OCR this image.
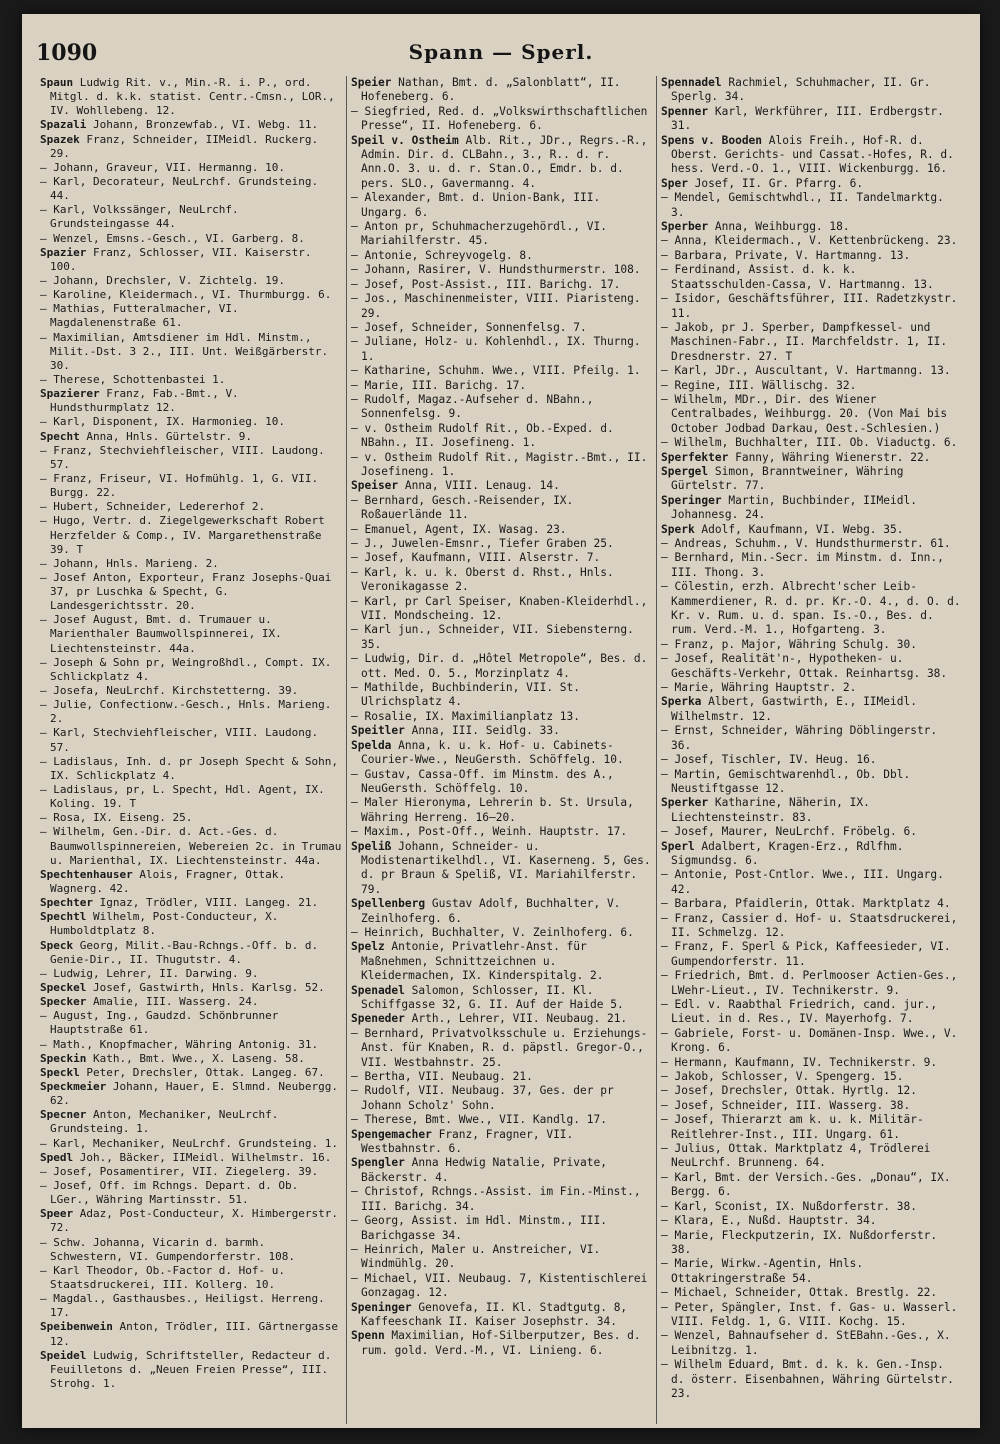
1090	Spann — Sperl.

Spaun Ludwig Rit. v., Min.-R. i. P., ord. Mitgl. d. k.k. statist. Centr.-Cmsn., LOR., IV. Wohllebeng. 12.

Spazali Johann, Bronzewfab., VI. Webg. 11.

Spazek Franz, Schneider, IIMeidl. Ruckerg. 29.

— Johann, Graveur, VII. Hermanng. 10.

— Karl, Decorateur, NeuLrchf. Grundsteing. 44.

— Karl, Volkssänger, NeuLrchf. Grundsteingasse 44.

— Wenzel, Emsns.-Gesch., VI. Garberg. 8.

Spazier Franz, Schlosser, VII. Kaiserstr. 100.

— Johann, Drechsler, V. Zichtelg. 19.

— Karoline, Kleidermach., VI. Thurmburgg. 6.

— Mathias, Futteralmacher, VI. Magdalenenstraße 61.

— Maximilian, Amtsdiener im Hdl. Minstm., Milit.-Dst. 3 2., III. Unt. Weißgärberstr. 30.

— Therese, Schottenbastei 1.

Spazierer Franz, Fab.-Bmt., V. Hundsthurmplatz 12.

— Karl, Disponent, IX. Harmonieg. 10.

Specht Anna, Hnls. Gürtelstr. 9.

— Franz, Stechviehfleischer, VIII. Laudong. 57.

— Franz, Friseur, VI. Hofmühlg. 1, G. VII. Burgg. 22.

— Hubert, Schneider, Ledererhof 2.

— Hugo, Vertr. d. Ziegelgewerkschaft Robert Herzfelder & Comp., IV. Margarethenstraße 39. T

— Johann, Hnls. Marieng. 2.

— Josef Anton, Exporteur, Franz Josephs-Quai 37, pr Luschka & Specht, G. Landesgerichtsstr. 20.

— Josef August, Bmt. d. Trumauer u. Marienthaler Baumwollspinnerei, IX. Liechtensteinstr. 44a.

— Joseph & Sohn pr, Weingroßhdl., Compt. IX. Schlickplatz 4.

— Josefa, NeuLrchf. Kirchstetterng. 39.

— Julie, Confectionw.-Gesch., Hnls. Marieng. 2.

— Karl, Stechviehfleischer, VIII. Laudong. 57.

— Ladislaus, Inh. d. pr Joseph Specht & Sohn, IX. Schlickplatz 4.

— Ladislaus, pr, L. Specht, Hdl. Agent, IX. Koling. 19. T

— Rosa, IX. Eiseng. 25.

— Wilhelm, Gen.-Dir. d. Act.-Ges. d. Baumwollspinnereien, Webereien 2c. in Trumau u. Marienthal, IX. Liechtensteinstr. 44a.

Spechtenhauser Alois, Fragner, Ottak. Wagnerg. 42.

Spechter Ignaz, Trödler, VIII. Langeg. 21.

Spechtl Wilhelm, Post-Conducteur, X. Humboldtplatz 8.

Speck Georg, Milit.-Bau-Rchngs.-Off. b. d. Genie-Dir., II. Thugutstr. 4.

— Ludwig, Lehrer, II. Darwing. 9.

Speckel Josef, Gastwirth, Hnls. Karlsg. 52.

Specker Amalie, III. Wasserg. 24.

— August, Ing., Gaudzd. Schönbrunner Hauptstraße 61.

— Math., Knopfmacher, Währing Antonig. 31.

Speckin Kath., Bmt. Wwe., X. Laseng. 58.

Speckl Peter, Drechsler, Ottak. Langeg. 67.

Speckmeier Johann, Hauer, E. Slmnd. Neubergg. 62.

Specner Anton, Mechaniker, NeuLrchf. Grundsteing. 1.

— Karl, Mechaniker, NeuLrchf. Grundsteing. 1.

Spedl Joh., Bäcker, IIMeidl. Wilhelmstr. 16.

— Josef, Posamentirer, VII. Ziegelerg. 39.

— Josef, Off. im Rchngs. Depart. d. Ob. LGer., Währing Martinsstr. 51.

Speer Adaz, Post-Conducteur, X. Himbergerstr. 72.

— Schw. Johanna, Vicarin d. barmh. Schwestern, VI. Gumpendorferstr. 108.

— Karl Theodor, Ob.-Factor d. Hof- u. Staatsdruckerei, III. Kollerg. 10.

— Magdal., Gasthausbes., Heiligst. Herreng. 17.

Speibenwein Anton, Trödler, III. Gärtnergasse 12.

Speidel Ludwig, Schriftsteller, Redacteur d. Feuilletons d. „Neuen Freien Presse“, III. Strohg. 1.

Speier Nathan, Bmt. d. „Salonblatt“, II. Hofeneberg. 6.

— Siegfried, Red. d. „Volkswirthschaftlichen Presse“, II. Hofeneberg. 6.

Speil v. Ostheim Alb. Rit., JDr., Regrs.-R., Admin. Dir. d. CLBahn., 3., R.. d. r. Ann.O. 3. u. d. r. Stan.O., Emdr. b. d. pers. SLO., Gavermanng. 4.

— Alexander, Bmt. d. Union-Bank, III. Ungarg. 6.

— Anton pr, Schuhmacherzugehördl., VI. Mariahilferstr. 45.

— Antonie, Schreyvogelg. 8.

— Johann, Rasirer, V. Hundsthurmerstr. 108.

— Josef, Post-Assist., III. Barichg. 17.

— Jos., Maschinenmeister, VIII. Piaristeng. 29.

— Josef, Schneider, Sonnenfelsg. 7.

— Juliane, Holz- u. Kohlenhdl., IX. Thurng. 1.

— Katharine, Schuhm. Wwe., VIII. Pfeilg. 1.

— Marie, III. Barichg. 17.

— Rudolf, Magaz.-Aufseher d. NBahn., Sonnenfelsg. 9.

— v. Ostheim Rudolf Rit., Ob.-Exped. d. NBahn., II. Josefineng. 1.

— v. Ostheim Rudolf Rit., Magistr.-Bmt., II. Josefineng. 1.

Speiser Anna, VIII. Lenaug. 14.

— Bernhard, Gesch.-Reisender, IX. Roßauerlände 11.

— Emanuel, Agent, IX. Wasag. 23.

— J., Juwelen-Emsnr., Tiefer Graben 25.

— Josef, Kaufmann, VIII. Alserstr. 7.

— Karl, k. u. k. Oberst d. Rhst., Hnls. Veronikagasse 2.

— Karl, pr Carl Speiser, Knaben-Kleiderhdl., VII. Mondscheing. 12.

— Karl jun., Schneider, VII. Siebensterng. 35.

— Ludwig, Dir. d. „Hôtel Metropole“, Bes. d. ott. Med. O. 5., Morzinplatz 4.

— Mathilde, Buchbinderin, VII. St. Ulrichsplatz 4.

— Rosalie, IX. Maximilianplatz 13.

Speitler Anna, III. Seidlg. 33.

Spelda Anna, k. u. k. Hof- u. Cabinets-Courier-Wwe., NeuGersth. Schöffelg. 10.

— Gustav, Cassa-Off. im Minstm. des A., NeuGersth. Schöffelg. 10.

— Maler Hieronyma, Lehrerin b. St. Ursula, Währing Herreng. 16–20.

— Maxim., Post-Off., Weinh. Hauptstr. 17.

Speliß Johann, Schneider- u. Modistenartikelhdl., VI. Kaserneng. 5, Ges. d. pr Braun & Speliß, VI. Mariahilferstr. 79.

Spellenberg Gustav Adolf, Buchhalter, V. Zeinlhoferg. 6.

— Heinrich, Buchhalter, V. Zeinlhoferg. 6.

Spelz Antonie, Privatlehr-Anst. für Maßnehmen, Schnittzeichnen u. Kleidermachen, IX. Kinderspitalg. 2.

Spenadel Salomon, Schlosser, II. Kl. Schiffgasse 32, G. II. Auf der Haide 5.

Speneder Arth., Lehrer, VII. Neubaug. 21.

— Bernhard, Privatvolksschule u. Erziehungs-Anst. für Knaben, R. d. päpstl. Gregor-O., VII. Westbahnstr. 25.

— Bertha, VII. Neubaug. 21.

— Rudolf, VII. Neubaug. 37, Ges. der pr Johann Scholz' Sohn.

— Therese, Bmt. Wwe., VII. Kandlg. 17.

Spengemacher Franz, Fragner, VII. Westbahnstr. 6.

Spengler Anna Hedwig Natalie, Private, Bäckerstr. 4.

— Christof, Rchngs.-Assist. im Fin.-Minst., III. Barichg. 34.

— Georg, Assist. im Hdl. Minstm., III. Barichgasse 34.

— Heinrich, Maler u. Anstreicher, VI. Windmühlg. 20.

— Michael, VII. Neubaug. 7, Kistentischlerei Gonzagag. 12.

Speninger Genovefa, II. Kl. Stadtgutg. 8, Kaffeeschank II. Kaiser Josephstr. 34.

Spenn Maximilian, Hof-Silberputzer, Bes. d. rum. gold. Verd.-M., VI. Linieng. 6.

Spennadel Rachmiel, Schuhmacher, II. Gr. Sperlg. 34.

Spenner Karl, Werkführer, III. Erdbergstr. 31.

Spens v. Booden Alois Freih., Hof-R. d. Oberst. Gerichts- und Cassat.-Hofes, R. d. hess. Verd.-O. 1., VIII. Wickenburgg. 16.

Sper Josef, II. Gr. Pfarrg. 6.

— Mendel, Gemischtwhdl., II. Tandelmarktg. 3.

Sperber Anna, Weihburgg. 18.

— Anna, Kleidermach., V. Kettenbrückeng. 23.

— Barbara, Private, V. Hartmanng. 13.

— Ferdinand, Assist. d. k. k. Staatsschulden-Cassa, V. Hartmanng. 13.

— Isidor, Geschäftsführer, III. Radetzkystr. 11.

— Jakob, pr J. Sperber, Dampfkessel- und Maschinen-Fabr., II. Marchfeldstr. 1, II. Dresdnerstr. 27. T

— Karl, JDr., Auscultant, V. Hartmanng. 13.

— Regine, III. Wällischg. 32.

— Wilhelm, MDr., Dir. des Wiener Centralbades, Weihburgg. 20. (Von Mai bis October Jodbad Darkau, Oest.-Schlesien.)

— Wilhelm, Buchhalter, III. Ob. Viaductg. 6.

Sperfekter Fanny, Währing Wienerstr. 22.

Spergel Simon, Branntweiner, Währing Gürtelstr. 77.

Speringer Martin, Buchbinder, IIMeidl. Johannesg. 24.

Sperk Adolf, Kaufmann, VI. Webg. 35.

— Andreas, Schuhm., V. Hundsthurmerstr. 61.

— Bernhard, Min.-Secr. im Minstm. d. Inn., III. Thong. 3.

— Cölestin, erzh. Albrecht'scher Leib-Kammerdiener, R. d. pr. Kr.-O. 4., d. O. d. Kr. v. Rum. u. d. span. Is.-O., Bes. d. rum. Verd.-M. 1., Hofgarteng. 3.

— Franz, p. Major, Währing Schulg. 30.

— Josef, Realität'n-, Hypotheken- u. Geschäfts-Verkehr, Ottak. Reinhartsg. 38.

— Marie, Währing Hauptstr. 2.

Sperka Albert, Gastwirth, E., IIMeidl. Wilhelmstr. 12.

— Ernst, Schneider, Währing Döblingerstr. 36.

— Josef, Tischler, IV. Heug. 16.

— Martin, Gemischtwarenhdl., Ob. Dbl. Neustiftgasse 12.

Sperker Katharine, Näherin, IX. Liechtensteinstr. 83.

— Josef, Maurer, NeuLrchf. Fröbelg. 6.

Sperl Adalbert, Kragen-Erz., Rdlfhm. Sigmundsg. 6.

— Antonie, Post-Cntlor. Wwe., III. Ungarg. 42.

— Barbara, Pfaidlerin, Ottak. Marktplatz 4.

— Franz, Cassier d. Hof- u. Staatsdruckerei, II. Schmelzg. 12.

— Franz, F. Sperl & Pick, Kaffeesieder, VI. Gumpendorferstr. 11.

— Friedrich, Bmt. d. Perlmooser Actien-Ges., LWehr-Lieut., IV. Technikerstr. 9.

— Edl. v. Raabthal Friedrich, cand. jur., Lieut. in d. Res., IV. Mayerhofg. 7.

— Gabriele, Forst- u. Domänen-Insp. Wwe., V. Krong. 6.

— Hermann, Kaufmann, IV. Technikerstr. 9.

— Jakob, Schlosser, V. Spengerg. 15.

— Josef, Drechsler, Ottak. Hyrtlg. 12.

— Josef, Schneider, III. Wasserg. 38.

— Josef, Thierarzt am k. u. k. Militär-Reitlehrer-Inst., III. Ungarg. 61.

— Julius, Ottak. Marktplatz 4, Trödlerei NeuLrchf. Brunneng. 64.

— Karl, Bmt. der Versich.-Ges. „Donau“, IX. Bergg. 6.

— Karl, Sconist, IX. Nußdorferstr. 38.

— Klara, E., Nußd. Hauptstr. 34.

— Marie, Fleckputzerin, IX. Nußdorferstr. 38.

— Marie, Wirkw.-Agentin, Hnls. Ottakringerstraße 54.

— Michael, Schneider, Ottak. Brestlg. 22.

— Peter, Spängler, Inst. f. Gas- u. Wasserl. VIII. Feldg. 1, G. VIII. Kochg. 15.

— Wenzel, Bahnaufseher d. StEBahn.-Ges., X. Leibnitzg. 1.

— Wilhelm Eduard, Bmt. d. k. k. Gen.-Insp. d. österr. Eisenbahnen, Währing Gürtelstr. 23.
